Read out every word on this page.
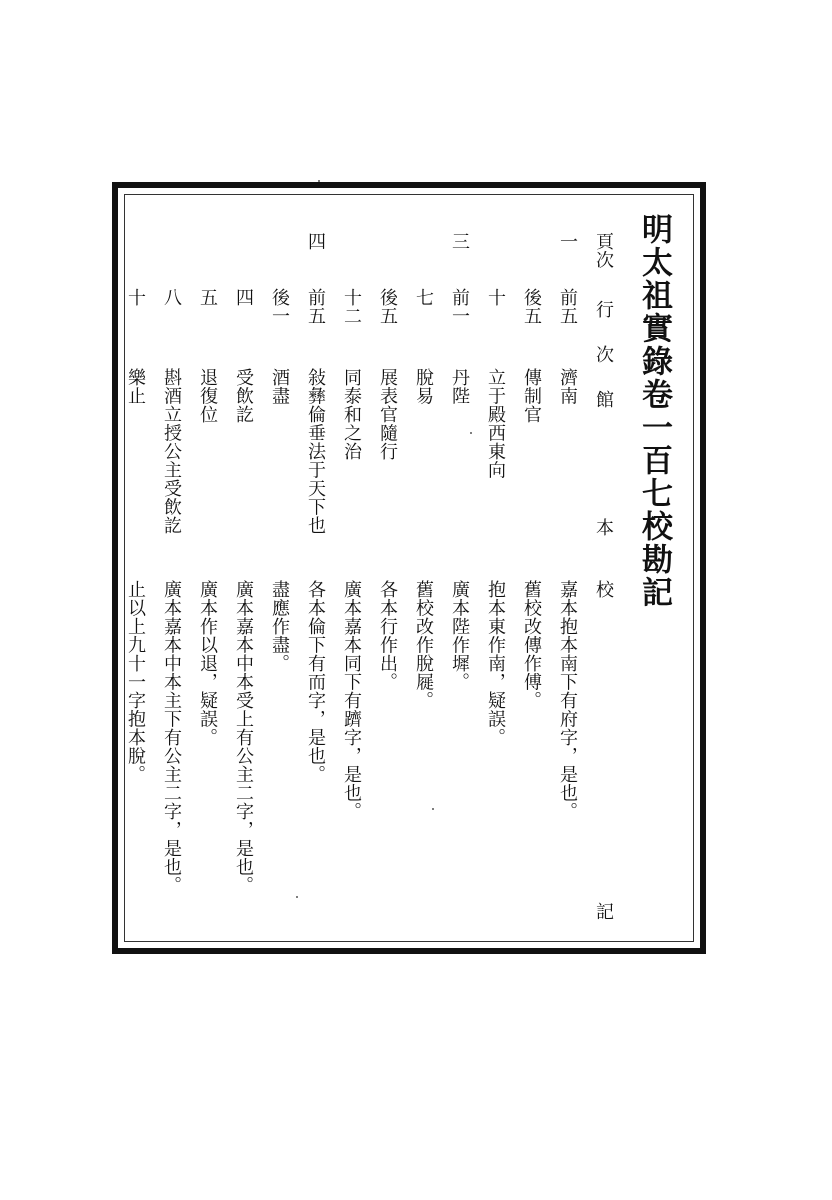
明太祖實錄卷一百七校勘記
頁次
行
次
館
本
校
記
一
前五
濟南
嘉本抱本南下有府字，是也。
後五
傳制官
舊校改傳作傅。
十
立于殿西東向
抱本東作南，疑誤。
三
前一
丹陛
廣本陛作墀。
七
脫易
舊校改作脫屣。
後五
展表官隨行
各本行作出。
十二
同泰和之治
廣本嘉本同下有躋字，是也。
四
前五
敍彝倫垂法于天下也
各本倫下有而字，是也。
後一
酒盡
盡應作盡。
四
受飲訖
廣本嘉本中本受上有公主二字，是也。
五
退復位
廣本作以退，疑誤。
八
斟酒立授公主受飲訖
廣本嘉本中本主下有公主二字，是也。
十
樂止
止以上九十一字抱本脫。
